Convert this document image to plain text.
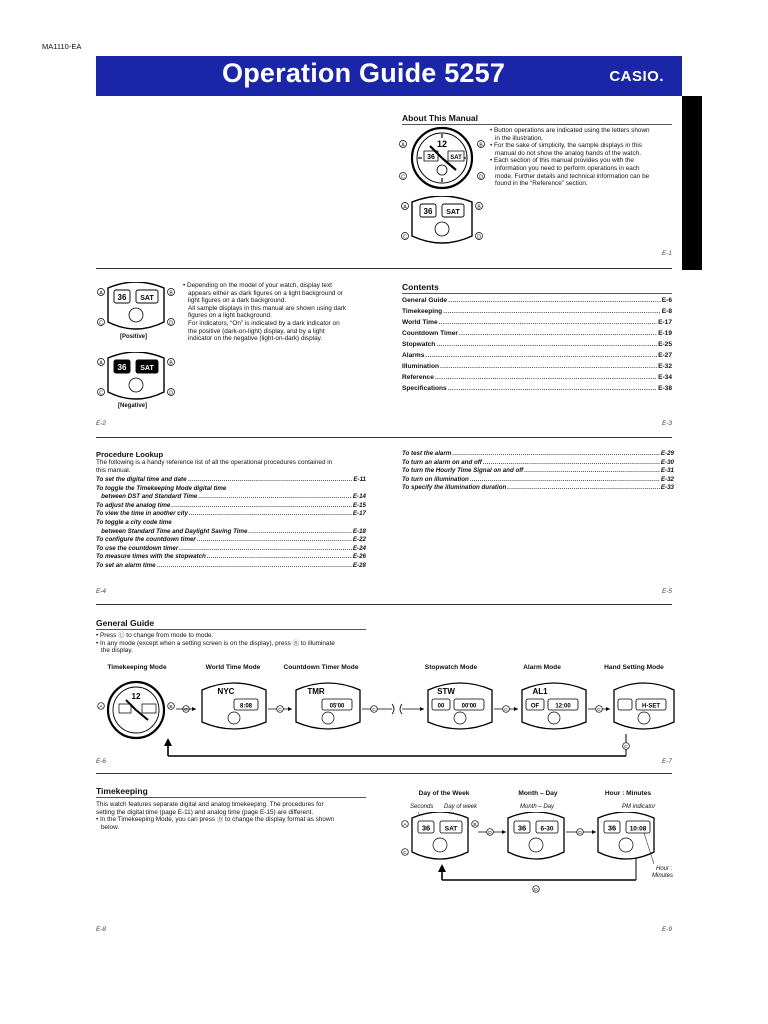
MA1110-EA
Operation Guide 5257	CASIO.
About This Manual
12
36	SAT
A	B
C	D
36 SAT
A	B
C	D
• Button operations are indicated using the letters shown
in the illustration.
• For the sake of simplicity, the sample displays in this
manual do not show the analog hands of the watch.
• Each section of this manual provides you with the
information you need to perform operations in each
mode. Further details and technical information can be
found in the “Reference” section.
E-1
36 SAT
A	B
C	D
[Positive]
36 SAT
A	B
C	D
[Negative]
• Depending on the model of your watch, display text
appears either as dark figures on a light background or
light figures on a dark background.
All sample displays in this manual are shown using dark
figures on a light background.
For indicators, “On” is indicated by a dark indicator on
the positive (dark-on-light) display, and by a light
indicator on the negative (light-on-dark) display.
E-2
Contents
General Guide .....	E-6
Timekeeping .....	E-8
World Time .....	E-17
Countdown Timer .....	E-19
Stopwatch .....	E-25
Alarms .....	E-27
Illumination .....	E-32
Reference .....	E-34
Specifications .....	E-38
E-3
Procedure Lookup
The following is a handy reference list of all the operational procedures contained in
this manual.
To set the digital time and date .....	E-11
To toggle the Timekeeping Mode digital time
between DST and Standard Time .....	E-14
To adjust the analog time .....	E-15
To view the time in another city .....	E-17
To toggle a city code time
between Standard Time and Daylight Saving Time .....	E-18
To configure the countdown timer .....	E-22
To use the countdown timer .....	E-24
To measure times with the stopwatch .....	E-26
To set an alarm time .....	E-28
E-4
To test the alarm .....	E-29
To turn an alarm on and off .....	E-30
To turn the Hourly Time Signal on and off .....	E-31
To turn on illumination .....	E-32
To specify the illumination duration .....	E-33
E-5
General Guide
• Press Ⓒ to change from mode to mode.
• In any mode (except when a setting screen is on the display), press Ⓑ to illuminate
the display.
Timekeeping Mode	World Time Mode	Countdown Timer Mode	Stopwatch Mode	Alarm Mode	Hand Setting Mode
12
A	B
C
NYC
8:08
C
TMR
05'00
C
STW
00	00'00
C
AL1
OF	12:00
C
H-SET
C
E-6	E-7
Timekeeping
This watch features separate digital and analog timekeeping. The procedures for
setting the digital time (page E-11) and analog time (page E-15) are different.
• In the Timekeeping Mode, you can press Ⓓ to change the display format as shown
below.
Day of the Week	Month – Day	Hour : Minutes
Seconds Day of week	Month – Day	PM indicator
Hour :
Minutes
36 SAT
A	B
C
D
36 6-30
D
36 10:08
D
E-8	E-9
